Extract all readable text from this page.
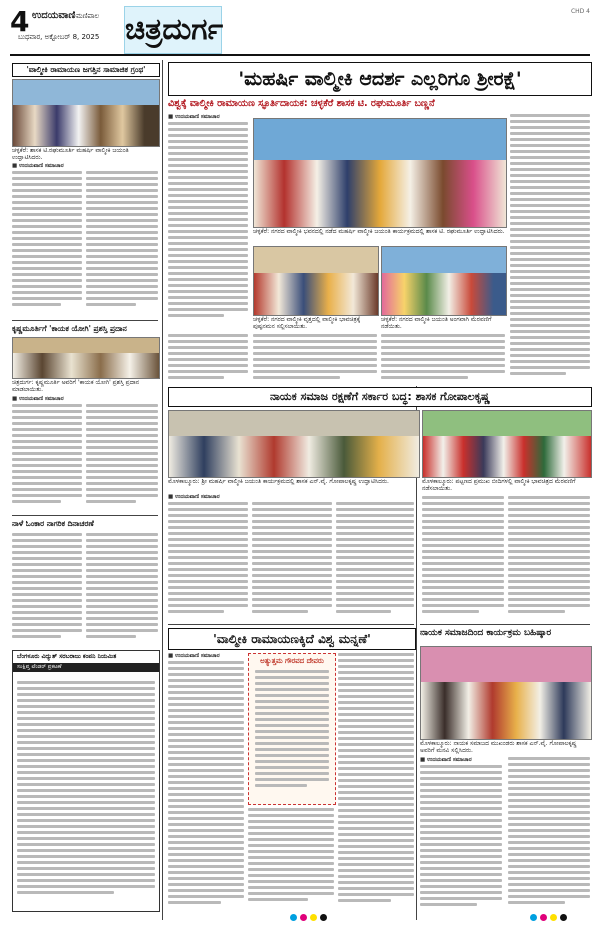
4 ಉದಯವಾಣಿ ಮಣಿಪಾಲ
ಬುಧವಾರ, ಅಕ್ಟೋಬರ್ 8, 2025 ಚಿತ್ರದುರ್ಗ
CHD 4
'ವಾಲ್ಮೀಕಿ ರಾಮಾಯಣ ಜಗತ್ತಿನ ಸಾಮಾಜಿಕ ಗ್ರಂಥ'
ಚಳ್ಳಕೆರೆ: ಶಾಸಕ ಟಿ.ರಘುಮೂರ್ತಿ ಮಹರ್ಷಿ ವಾಲ್ಮೀಕಿ ಜಯಂತಿ ಉದ್ಘಾಟಿಸಿದರು.
■ ಉದಯವಾಣಿ ಸಮಾಚಾರ
ಕೃಷ್ಣಮೂರ್ತಿಗೆ 'ಕಾಯಕ ಯೋಗಿ' ಪ್ರಶಸ್ತಿ ಪ್ರದಾನ
ಚಿತ್ರದುರ್ಗ: ಕೃಷ್ಣಮೂರ್ತಿ ಅವರಿಗೆ 'ಕಾಯಕ ಯೋಗಿ' ಪ್ರಶಸ್ತಿ ಪ್ರದಾನ ಮಾಡಲಾಯಿತು.
■ ಉದಯವಾಣಿ ಸಮಾಚಾರ
ನಾಳೆ ಓಂಕಾರ ನಾಗರಿಕ ದಿನಾಚರಣೆ
ಬೆಂಗಳೂರು ವಿದ್ಯುತ್ ಸರಬರಾಜು ಕಂಪನಿ ನಿಯಮಿತ
ಸಂಕ್ಷಿಪ್ತ ಟೆಂಡರ್ ಪ್ರಕಟಣೆ
'ಮಹರ್ಷಿ ವಾಲ್ಮೀಕಿ ಆದರ್ಶ ಎಲ್ಲರಿಗೂ ಶ್ರೀರಕ್ಷೆ'
ವಿಶ್ವಕ್ಕೆ ವಾಲ್ಮೀಕಿ ರಾಮಾಯಣ ಸ್ಫೂರ್ತಿದಾಯಕ: ಚಳ್ಳಕೆರೆ ಶಾಸಕ ಟಿ. ರಘುಮೂರ್ತಿ ಬಣ್ಣನೆ
■ ಉದಯವಾಣಿ ಸಮಾಚಾರ
ಚಳ್ಳಕೆರೆ: ನಗರದ ವಾಲ್ಮೀಕಿ ಭವನದಲ್ಲಿ ನಡೆದ ಮಹರ್ಷಿ ವಾಲ್ಮೀಕಿ ಜಯಂತಿ ಕಾರ್ಯಕ್ರಮದಲ್ಲಿ ಶಾಸಕ ಟಿ. ರಘುಮೂರ್ತಿ ಉದ್ಘಾಟಿಸಿದರು.
ಚಳ್ಳಕೆರೆ: ನಗರದ ವಾಲ್ಮೀಕಿ ವೃತ್ತದಲ್ಲಿ ವಾಲ್ಮೀಕಿ ಭಾವಚಿತ್ರಕ್ಕೆ ಪುಷ್ಪನಮನ ಸಲ್ಲಿಸಲಾಯಿತು.
ಚಳ್ಳಕೆರೆ: ನಗರದ ವಾಲ್ಮೀಕಿ ಜಯಂತಿ ಅಂಗವಾಗಿ ಮೆರವಣಿಗೆ ನಡೆಯಿತು.
ನಾಯಕ ಸಮಾಜ ರಕ್ಷಣೆಗೆ ಸರ್ಕಾರ ಬದ್ಧ: ಶಾಸಕ ಗೋಪಾಲಕೃಷ್ಣ
ಮೊಳಕಾಲ್ಮೂರು: ಶ್ರೀ ಮಹರ್ಷಿ ವಾಲ್ಮೀಕಿ ಜಯಂತಿ ಕಾರ್ಯಕ್ರಮದಲ್ಲಿ ಶಾಸಕ ಎನ್.ವೈ. ಗೋಪಾಲಕೃಷ್ಣ ಉದ್ಘಾಟಿಸಿದರು.	ಮೊಳಕಾಲ್ಮೂರು: ಪಟ್ಟಣದ ಪ್ರಮುಖ ಬೀದಿಗಳಲ್ಲಿ ವಾಲ್ಮೀಕಿ ಭಾವಚಿತ್ರದ ಮೆರವಣಿಗೆ ನಡೆಸಲಾಯಿತು.
■ ಉದಯವಾಣಿ ಸಮಾಚಾರ
'ವಾಲ್ಮೀಕಿ ರಾಮಾಯಣಕ್ಕಿದೆ ವಿಶ್ವ ಮನ್ನಣೆ'
■ ಉದಯವಾಣಿ ಸಮಾಚಾರ
ಅತ್ಯುತ್ತಮ ಗೌರವದ ದೇವರು
ನಾಯಕ ಸಮಾಜದಿಂದ ಕಾರ್ಯಕ್ರಮ ಬಹಿಷ್ಕಾರ
ಮೊಳಕಾಲ್ಮೂರು: ನಾಯಕ ಸಮಾಜದ ಮುಖಂಡರು ಶಾಸಕ ಎನ್.ವೈ. ಗೋಪಾಲಕೃಷ್ಣ ಅವರಿಗೆ ಮನವಿ ಸಲ್ಲಿಸಿದರು.
■ ಉದಯವಾಣಿ ಸಮಾಚಾರ
